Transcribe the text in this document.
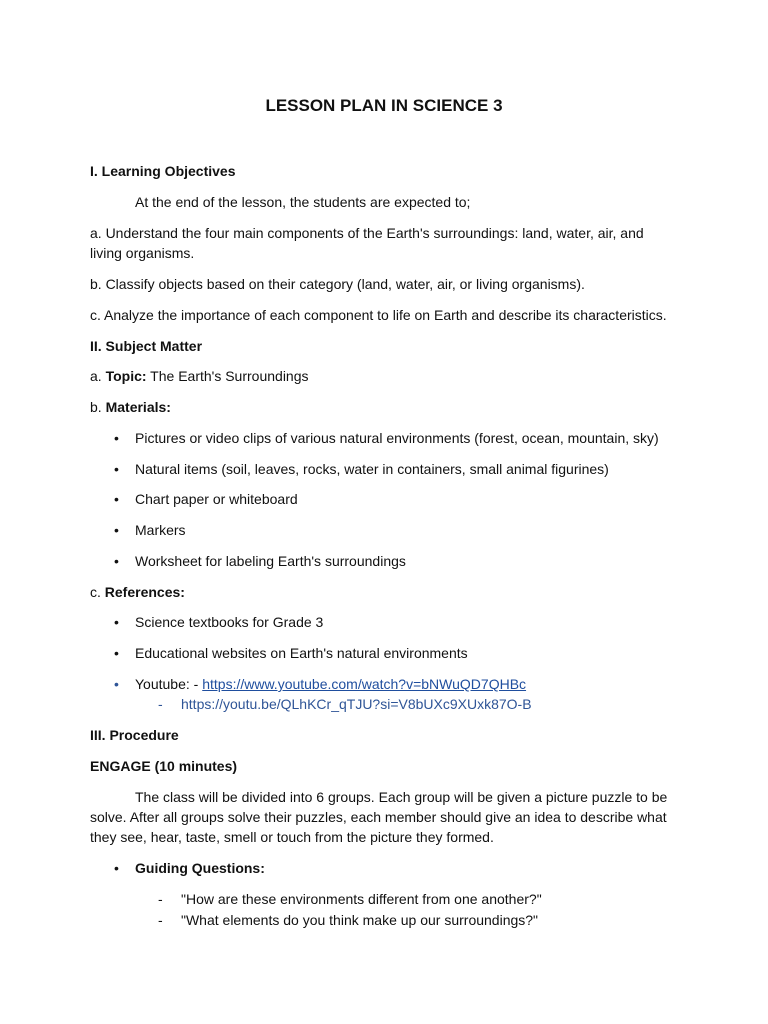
LESSON PLAN IN SCIENCE 3
I. Learning Objectives
At the end of the lesson, the students are expected to;
a. Understand the four main components of the Earth's surroundings: land, water, air, and
living organisms.
b. Classify objects based on their category (land, water, air, or living organisms).
c. Analyze the importance of each component to life on Earth and describe its characteristics.
II. Subject Matter
a. Topic: The Earth's Surroundings
b. Materials:
• Pictures or video clips of various natural environments (forest, ocean, mountain, sky)
• Natural items (soil, leaves, rocks, water in containers, small animal figurines)
• Chart paper or whiteboard
• Markers
• Worksheet for labeling Earth's surroundings
c. References:
• Science textbooks for Grade 3
• Educational websites on Earth's natural environments
• Youtube: - https://www.youtube.com/watch?v=bNWuQD7QHBc
- https://youtu.be/QLhKCr_qTJU?si=V8bUXc9XUxk87O-B
III. Procedure
ENGAGE (10 minutes)
The class will be divided into 6 groups. Each group will be given a picture puzzle to be
solve. After all groups solve their puzzles, each member should give an idea to describe what
they see, hear, taste, smell or touch from the picture they formed.
• Guiding Questions:
- "How are these environments different from one another?"
- "What elements do you think make up our surroundings?"
